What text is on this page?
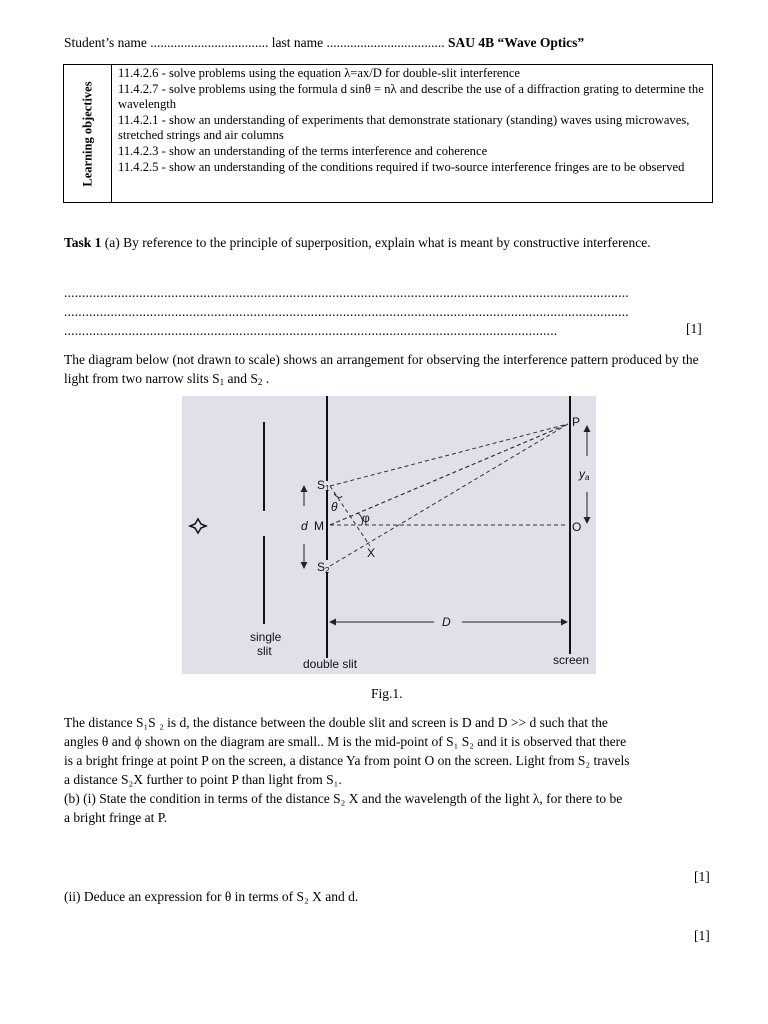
Student’s name ................................... last name ................................... SAU 4B “Wave Optics”
Learning objectives
11.4.2.6 - solve problems using the equation λ=ax/D for double-slit interference
11.4.2.7 - solve problems using the formula d sinθ = nλ and describe the use of a diffraction grating to determine the wavelength
11.4.2.1 - show an understanding of experiments that demonstrate stationary (standing) waves using microwaves, stretched strings and air columns
11.4.2.3 - show an understanding of the terms interference and coherence
11.4.2.5 - show an understanding of the conditions required if two-source interference fringes are to be observed
Task 1 (a) By reference to the principle of superposition, explain what is meant by constructive interference.
..............................................................................................................................................................
..............................................................................................................................................................
..........................................................................................................................................	[1]
The diagram below (not drawn to scale) shows an arrangement for observing the interference pattern produced by the light from two narrow slits $S_1$ and $S_2$ .
P
ya
S1
θ
φ
d M	O
X
S2
D
single
slit
double slit	screen
Fig.1.
The distance S₁S ₂ is d, the distance between the double slit and screen is D and D >> d such that the
angles θ and ϕ shown on the diagram are small.. M is the mid-point of S₁ S₂ and it is observed that there
is a bright fringe at point P on the screen, a distance Ya from point O on the screen. Light from S₂ travels
a distance S₂X further to point P than light from S₁.
(b) (i) State the condition in terms of the distance S₂ X and the wavelength of the light λ, for there to be
a bright fringe at P.
[1]
(ii) Deduce an expression for θ in terms of S₂ X and d.
[1]
